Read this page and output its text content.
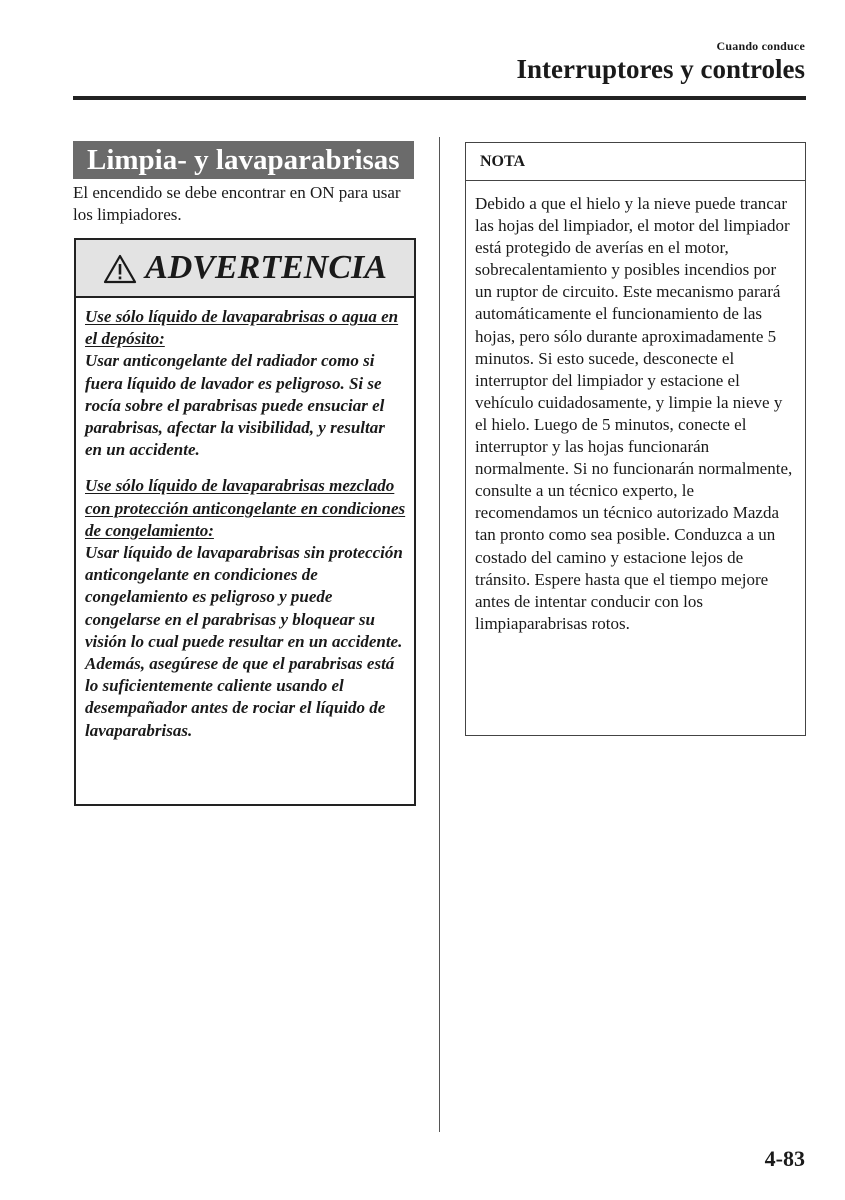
Cuando conduce
Interruptores y controles
Limpia- y lavaparabrisas
El encendido se debe encontrar en ON para usar los limpiadores.
ADVERTENCIA

Use sólo líquido de lavaparabrisas o agua en el depósito:
Usar anticongelante del radiador como si fuera líquido de lavador es peligroso. Si se rocía sobre el parabrisas puede ensuciar el parabrisas, afectar la visibilidad, y resultar en un accidente.

Use sólo líquido de lavaparabrisas mezclado con protección anticongelante en condiciones de congelamiento:
Usar líquido de lavaparabrisas sin protección anticongelante en condiciones de congelamiento es peligroso y puede congelarse en el parabrisas y bloquear su visión lo cual puede resultar en un accidente. Además, asegúrese de que el parabrisas está lo suficientemente caliente usando el desempañador antes de rociar el líquido de lavaparabrisas.

NOTA
Debido a que el hielo y la nieve puede trancar las hojas del limpiador, el motor del limpiador está protegido de averías en el motor, sobrecalentamiento y posibles incendios por un ruptor de circuito. Este mecanismo parará automáticamente el funcionamiento de las hojas, pero sólo durante aproximadamente 5 minutos. Si esto sucede, desconecte el interruptor del limpiador y estacione el vehículo cuidadosamente, y limpie la nieve y el hielo. Luego de 5 minutos, conecte el interruptor y las hojas funcionarán normalmente. Si no funcionarán normalmente, consulte a un técnico experto, le recomendamos un técnico autorizado Mazda tan pronto como sea posible. Conduzca a un costado del camino y estacione lejos de tránsito. Espere hasta que el tiempo mejore antes de intentar conducir con los limpiaparabrisas rotos.
4-83
